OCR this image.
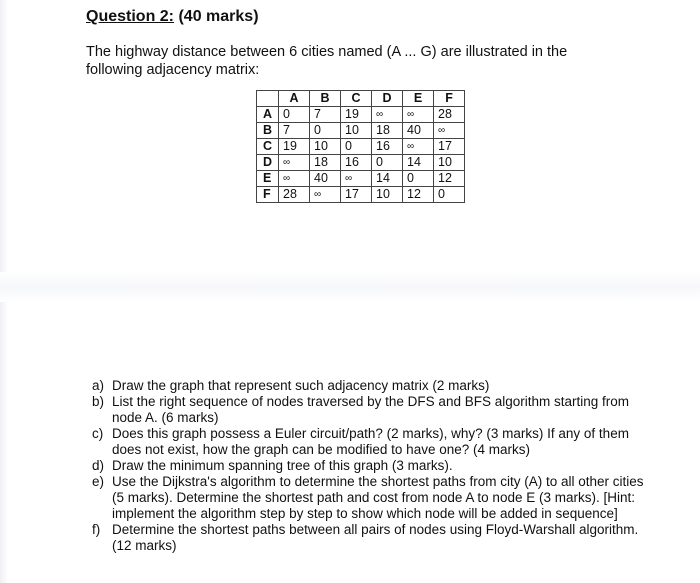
Question 2: (40 marks)
The highway distance between 6 cities named (A ... G) are illustrated in the following adjacency matrix:
	A	B	C	D	E	F
A	0	7	19	∞	∞	28
B	7	0	10	18	40	∞
C	19	10	0	16	∞	17
D	∞	18	16	0	14	10
E	∞	40	∞	14	0	12
F	28	∞	17	10	12	0
a) Draw the graph that represent such adjacency matrix (2 marks)
b) List the right sequence of nodes traversed by the DFS and BFS algorithm starting from node A. (6 marks)
c) Does this graph possess a Euler circuit/path? (2 marks), why? (3 marks) If any of them does not exist, how the graph can be modified to have one? (4 marks)
d) Draw the minimum spanning tree of this graph (3 marks).
e) Use the Dijkstra's algorithm to determine the shortest paths from city (A) to all other cities (5 marks). Determine the shortest path and cost from node A to node E (3 marks). [Hint: implement the algorithm step by step to show which node will be added in sequence]
f) Determine the shortest paths between all pairs of nodes using Floyd-Warshall algorithm. (12 marks)
